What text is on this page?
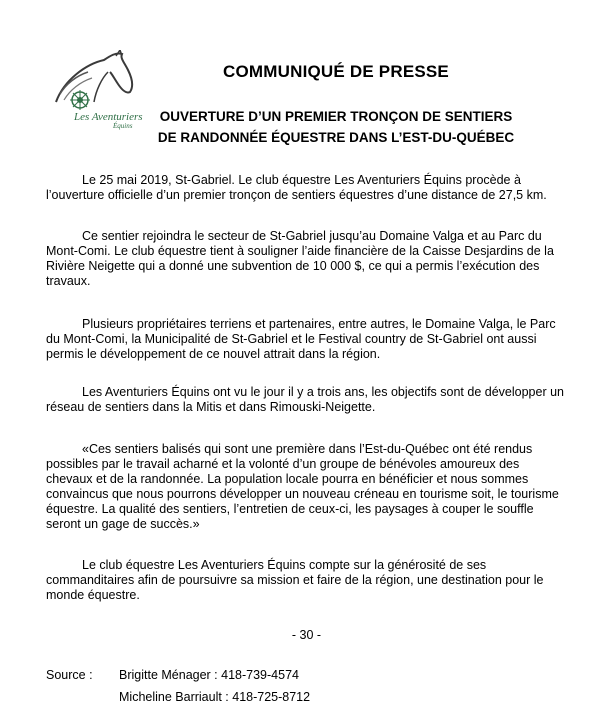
Les Aventuriers
Équins
COMMUNIQUÉ DE PRESSE
OUVERTURE D’UN PREMIER TRONÇON DE SENTIERS
DE RANDONNÉE ÉQUESTRE DANS L’EST-DU-QUÉBEC
Le 25 mai 2019, St-Gabriel. Le club équestre Les Aventuriers Équins procède à
l’ouverture officielle d’un premier tronçon de sentiers équestres d’une distance de 27,5 km.
Ce sentier rejoindra le secteur de St-Gabriel jusqu’au Domaine Valga et au Parc du
Mont-Comi. Le club équestre tient à souligner l’aide financière de la Caisse Desjardins de la
Rivière Neigette qui a donné une subvention de 10 000 $, ce qui a permis l’exécution des
travaux.
Plusieurs propriétaires terriens et partenaires, entre autres, le Domaine Valga, le Parc
du Mont-Comi, la Municipalité de St-Gabriel et le Festival country de St-Gabriel ont aussi
permis le développement de ce nouvel attrait dans la région.
Les Aventuriers Équins ont vu le jour il y a trois ans, les objectifs sont de développer un
réseau de sentiers dans la Mitis et dans Rimouski-Neigette.
«Ces sentiers balisés qui sont une première dans l’Est-du-Québec ont été rendus
possibles par le travail acharné et la volonté d’un groupe de bénévoles amoureux des
chevaux et de la randonnée. La population locale pourra en bénéficier et nous sommes
convaincus que nous pourrons développer un nouveau créneau en tourisme soit, le tourisme
équestre. La qualité des sentiers, l’entretien de ceux-ci, les paysages à couper le souffle
seront un gage de succès.»
Le club équestre Les Aventuriers Équins compte sur la générosité de ses
commanditaires afin de poursuivre sa mission et faire de la région, une destination pour le
monde équestre.
- 30 -
Source : Brigitte Ménager : 418-739-4574
Micheline Barriault : 418-725-8712
